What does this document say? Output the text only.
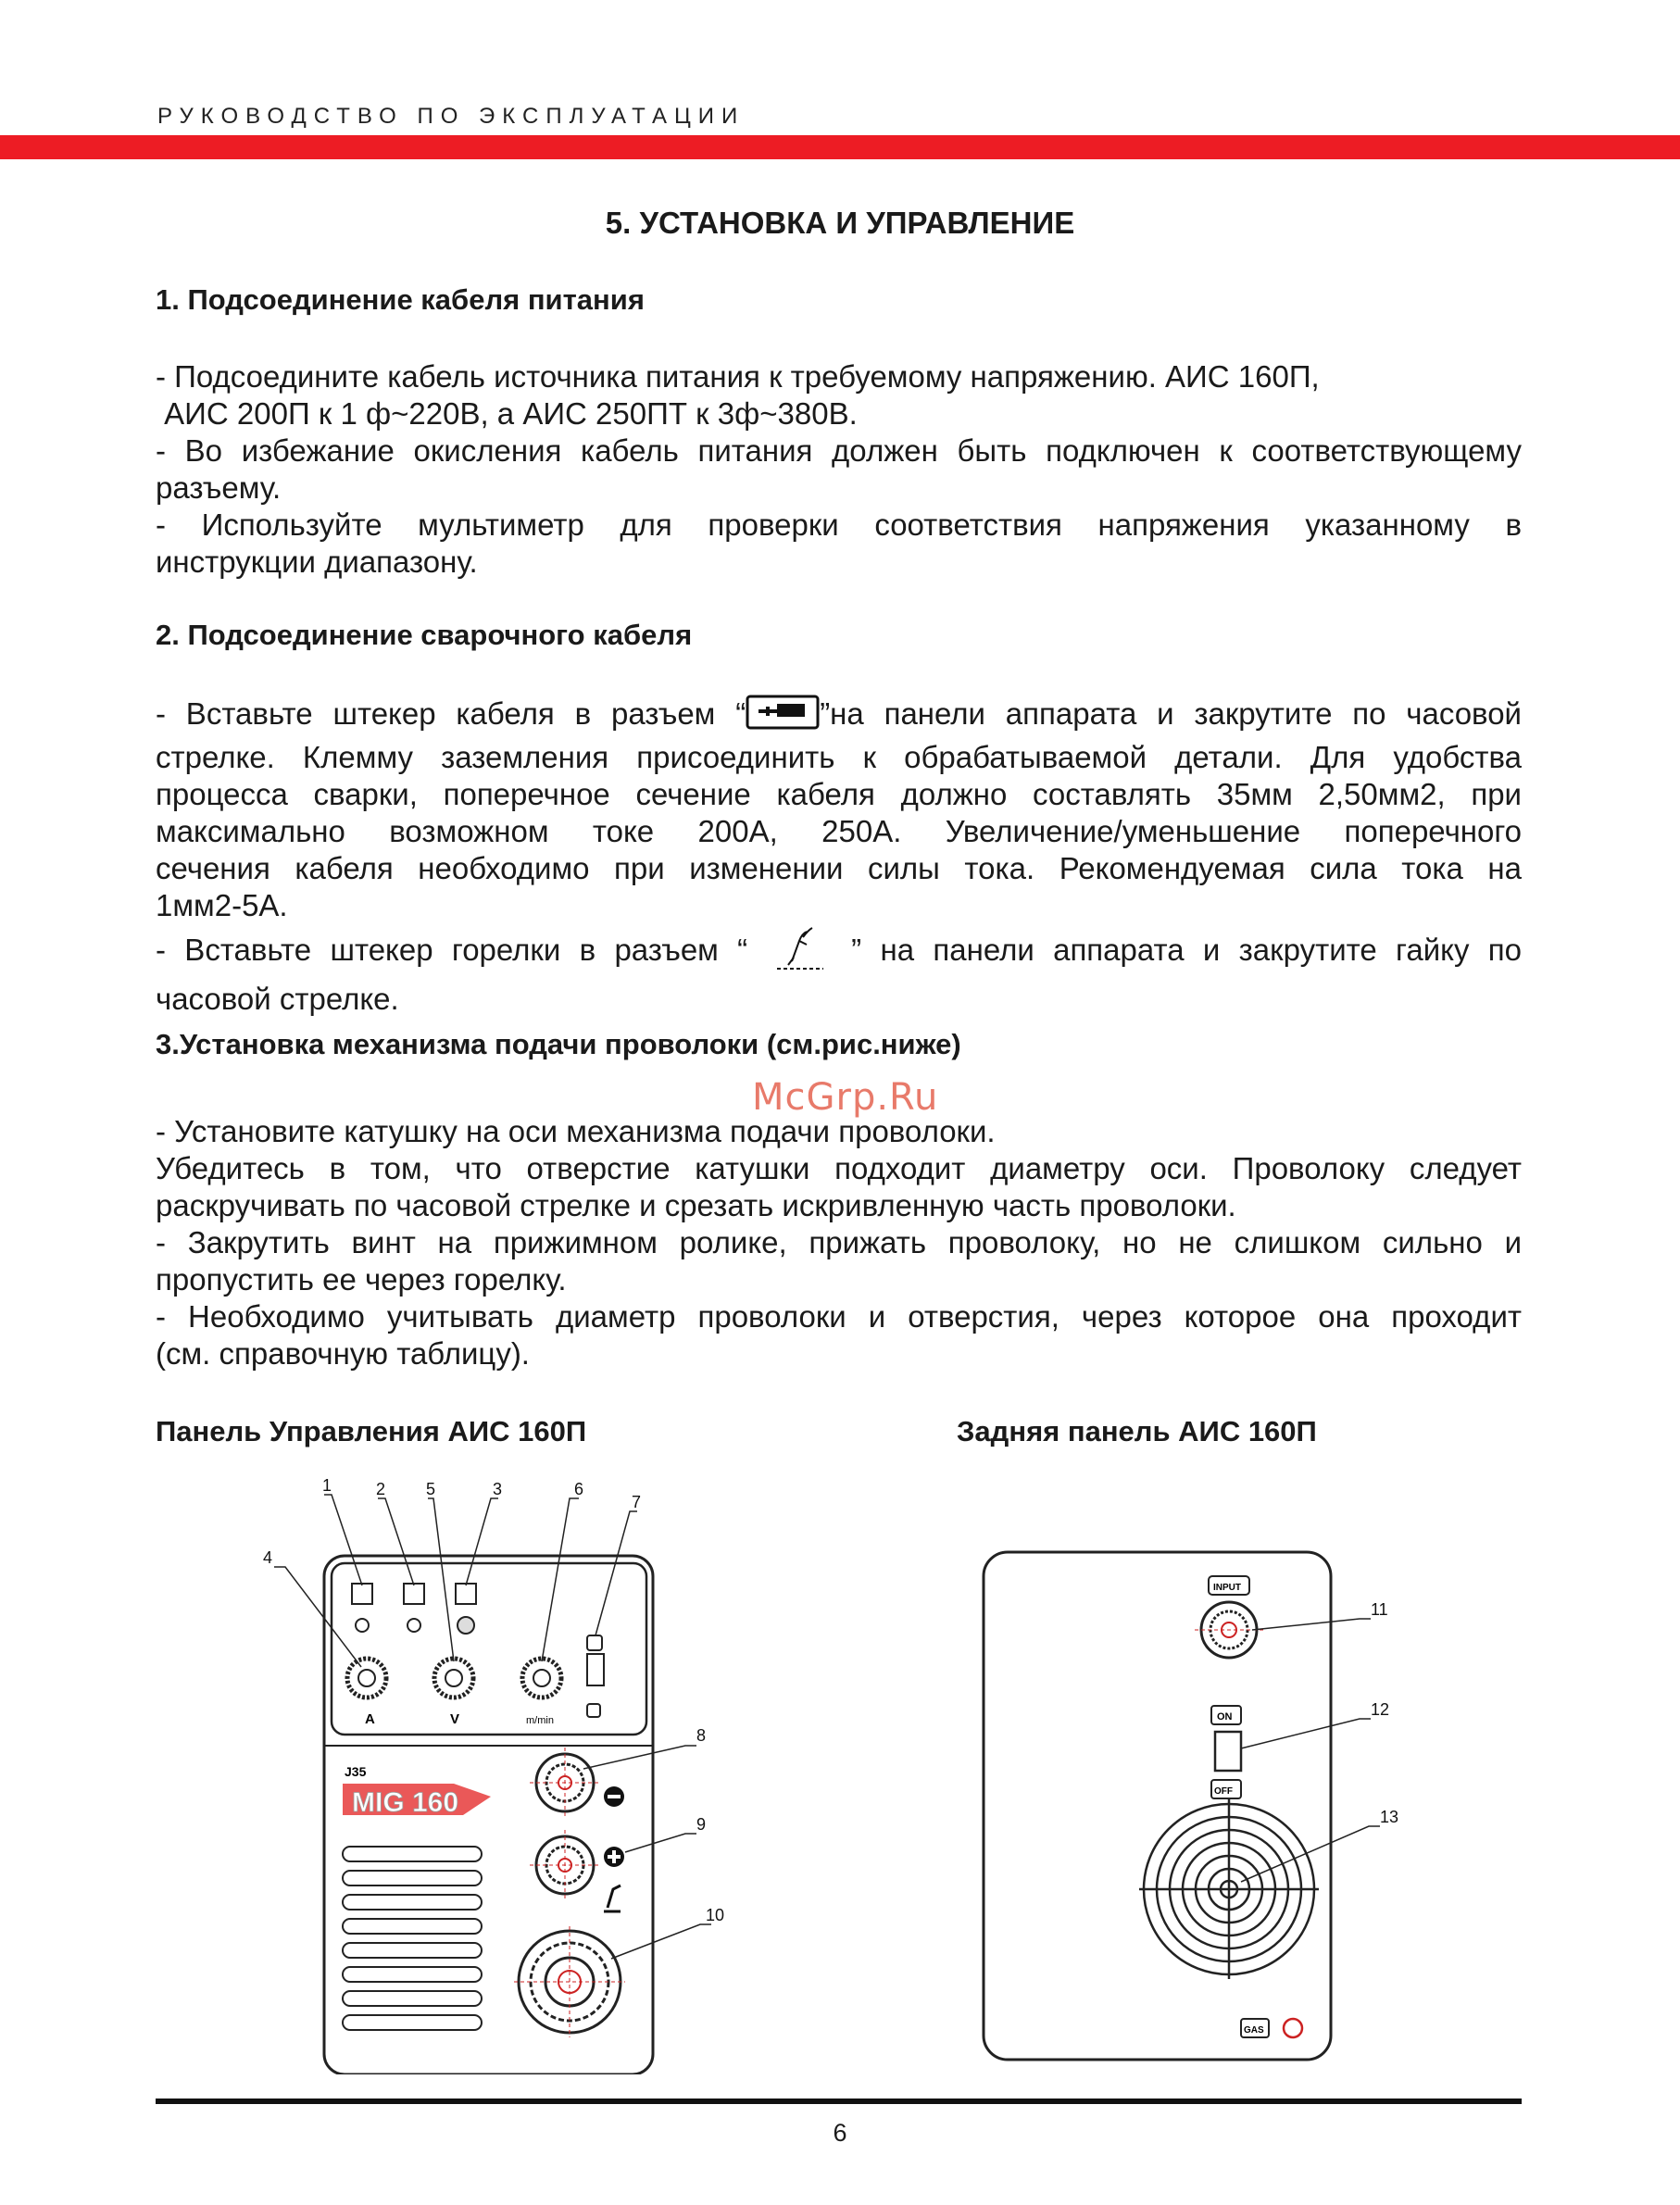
РУКОВОДСТВО ПО ЭКСПЛУАТАЦИИ
5. УСТАНОВКА И УПРАВЛЕНИЕ
1. Подсоединение кабеля питания

- Подсоедините кабель источника питания к требуемому напряжению. АИС 160П,

АИС 200П к 1 ф~220В, а АИС 250ПТ к 3ф~380В.

- Во избежание окисления кабель питания должен быть подключен к соответствующему

разъему.

- Используйте мультиметр для проверки соответствия напряжения указанному в

инструкции диапазону.

2. Подсоединение сварочного кабеля

- Вставьте штекер кабеля в разъем “ ”на панели аппарата и закрутите по часовой

стрелке. Клемму заземления присоединить к обрабатываемой детали. Для удобства

процесса сварки, поперечное сечение кабеля должно составлять 35мм 2,50мм2, при

максимально возможном токе 200А, 250А. Увеличение/уменьшение поперечного

сечения кабеля необходимо при изменении силы тока. Рекомендуемая сила тока на

1мм2-5А.

- Вставьте штекер горелки в разъем “	” на панели аппарата и закрутите гайку по

часовой стрелке.

3.Установка механизма подачи проволоки (см.рис.ниже)
McGrp.Ru

- Установите катушку на оси механизма подачи проволоки.

Убедитесь в том, что отверстие катушки подходит диаметру оси. Проволоку следует

раскручивать по часовой стрелке и срезать искривленную часть проволоки.

- Закрутить винт на прижимном ролике, прижать проволоку, но не слишком сильно и

пропустить ее через горелку.

- Необходимо учитывать диаметр проволоки и отверстия, через которое она проходит

(см. справочную таблицу).

Панель Управления АИС 160П	Задняя панель АИС 160П
A	V	m/min
J35
MIG 160
1	2 5	3	6
7
4
8
9
10
INPUT
ON
OFF
GAS
11
12
13
6
